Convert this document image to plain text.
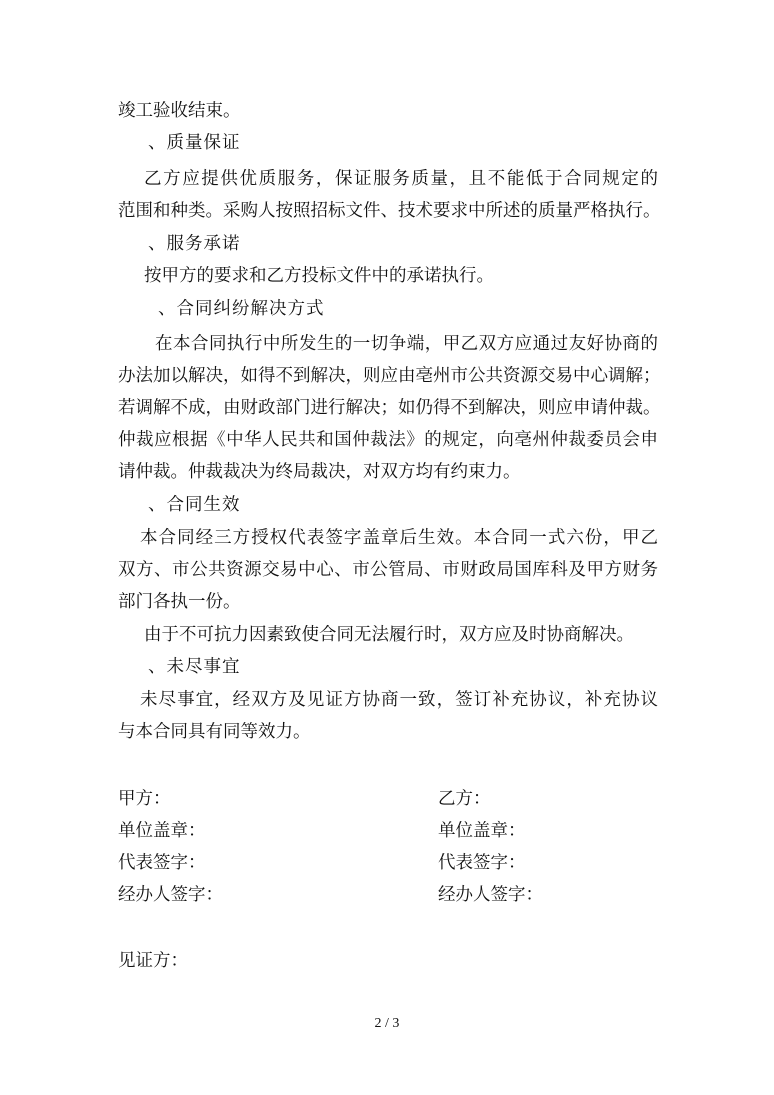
竣工验收结束。
、质量保证
乙方应提供优质服务，保证服务质量，且不能低于合同规定的
范围和种类。采购人按照招标文件、技术要求中所述的质量严格执行。
、服务承诺
按甲方的要求和乙方投标文件中的承诺执行。
、合同纠纷解决方式
在本合同执行中所发生的一切争端，甲乙双方应通过友好协商的
办法加以解决，如得不到解决，则应由亳州市公共资源交易中心调解；
若调解不成，由财政部门进行解决；如仍得不到解决，则应申请仲裁。
仲裁应根据《中华人民共和国仲裁法》的规定，向亳州仲裁委员会申
请仲裁。仲裁裁决为终局裁决，对双方均有约束力。
、合同生效
本合同经三方授权代表签字盖章后生效。本合同一式六份，甲乙
双方、市公共资源交易中心、市公管局、市财政局国库科及甲方财务
部门各执一份。
由于不可抗力因素致使合同无法履行时，双方应及时协商解决。
、未尽事宜
未尽事宜，经双方及见证方协商一致，签订补充协议，补充协议
与本合同具有同等效力。
甲方：	乙方：
单位盖章：	单位盖章：
代表签字：	代表签字：
经办人签字：	经办人签字：
见证方：
2 / 3
